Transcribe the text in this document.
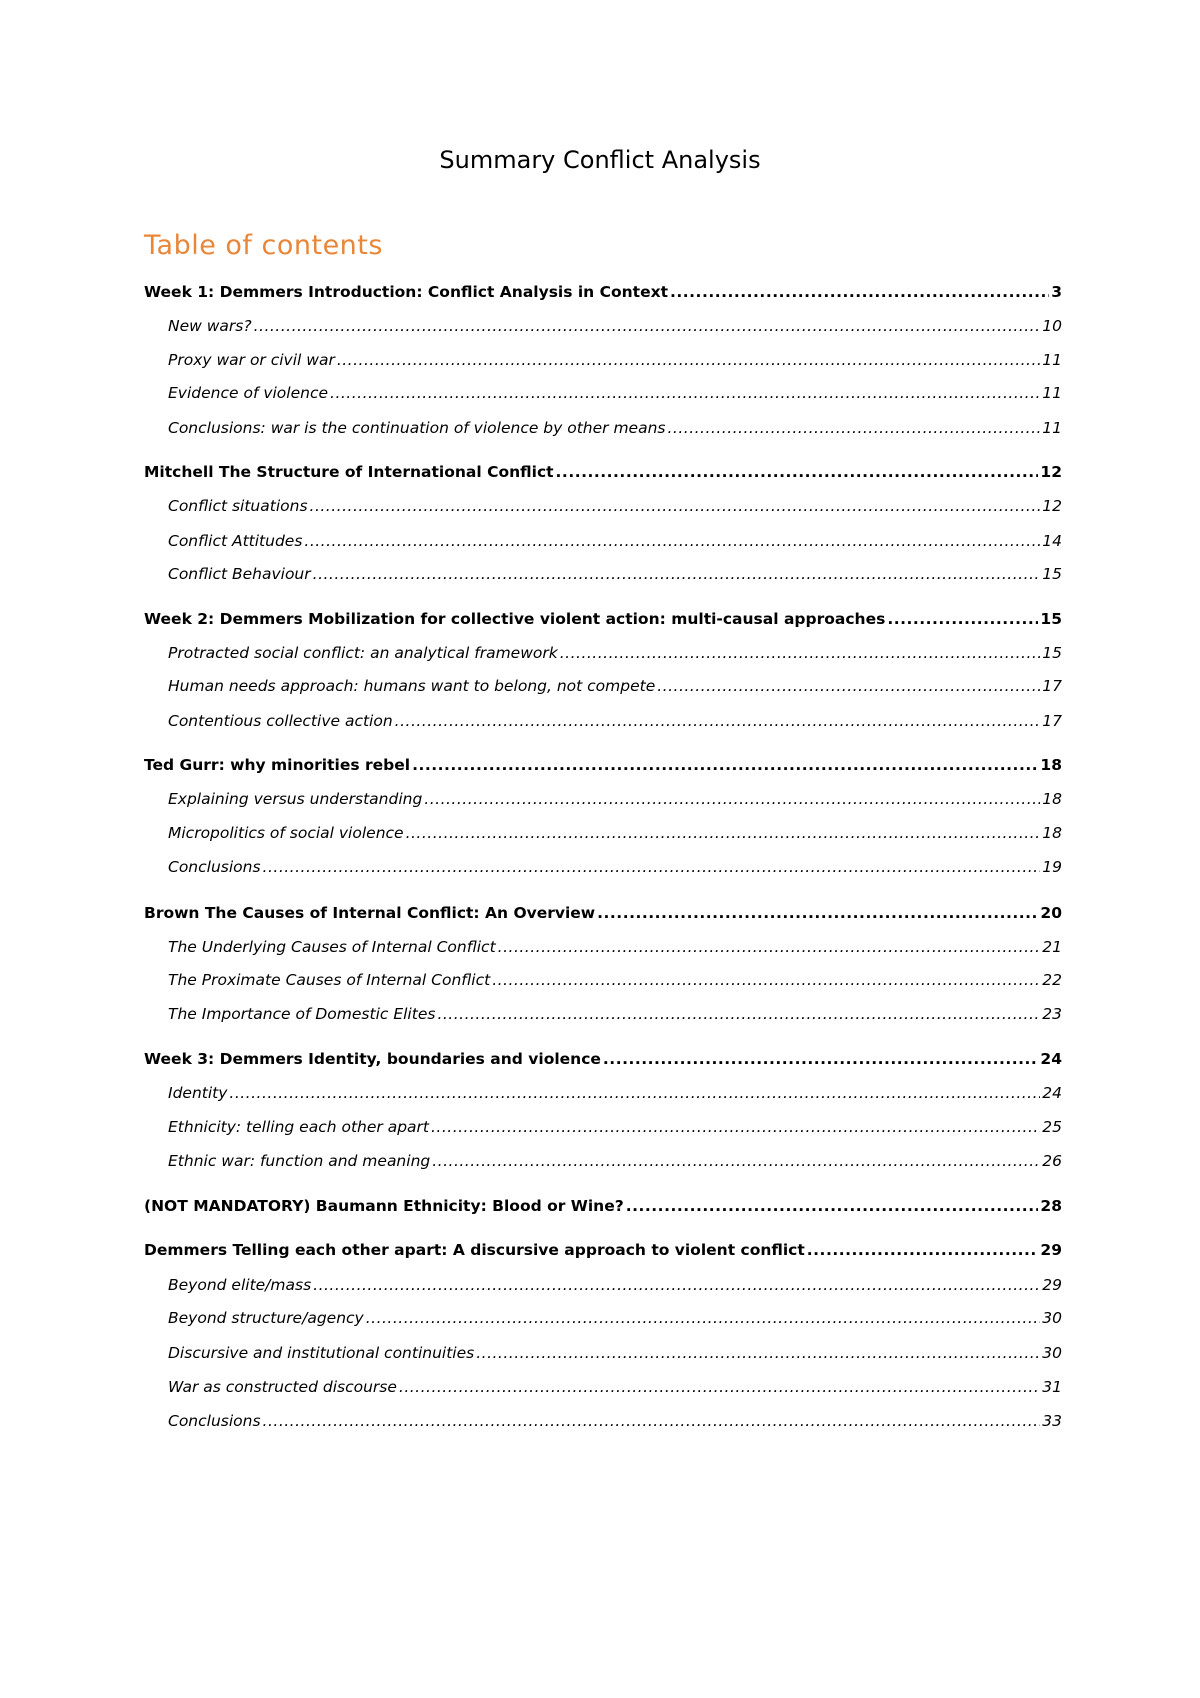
Summary Conflict Analysis
Table of contents
Week 1: Demmers Introduction: Conflict Analysis in Context .....	3
New wars? .....	10
Proxy war or civil war .....	11
Evidence of violence .....	11
Conclusions: war is the continuation of violence by other means .....	11
Mitchell The Structure of International Conflict .....	12
Conflict situations .....	12
Conflict Attitudes .....	14
Conflict Behaviour .....	15
Week 2: Demmers Mobilization for collective violent action: multi-causal approaches .....	15
Protracted social conflict: an analytical framework .....	15
Human needs approach: humans want to belong, not compete .....	17
Contentious collective action .....	17
Ted Gurr: why minorities rebel .....	18
Explaining versus understanding .....	18
Micropolitics of social violence .....	18
Conclusions .....	19
Brown The Causes of Internal Conflict: An Overview .....	20
The Underlying Causes of Internal Conflict .....	21
The Proximate Causes of Internal Conflict .....	22
The Importance of Domestic Elites .....	23
Week 3: Demmers Identity, boundaries and violence .....	24
Identity .....	24
Ethnicity: telling each other apart .....	25
Ethnic war: function and meaning .....	26
(NOT MANDATORY) Baumann Ethnicity: Blood or Wine? .....	28
Demmers Telling each other apart: A discursive approach to violent conflict .....	29
Beyond elite/mass .....	29
Beyond structure/agency .....	30
Discursive and institutional continuities .....	30
War as constructed discourse .....	31
Conclusions .....	33
